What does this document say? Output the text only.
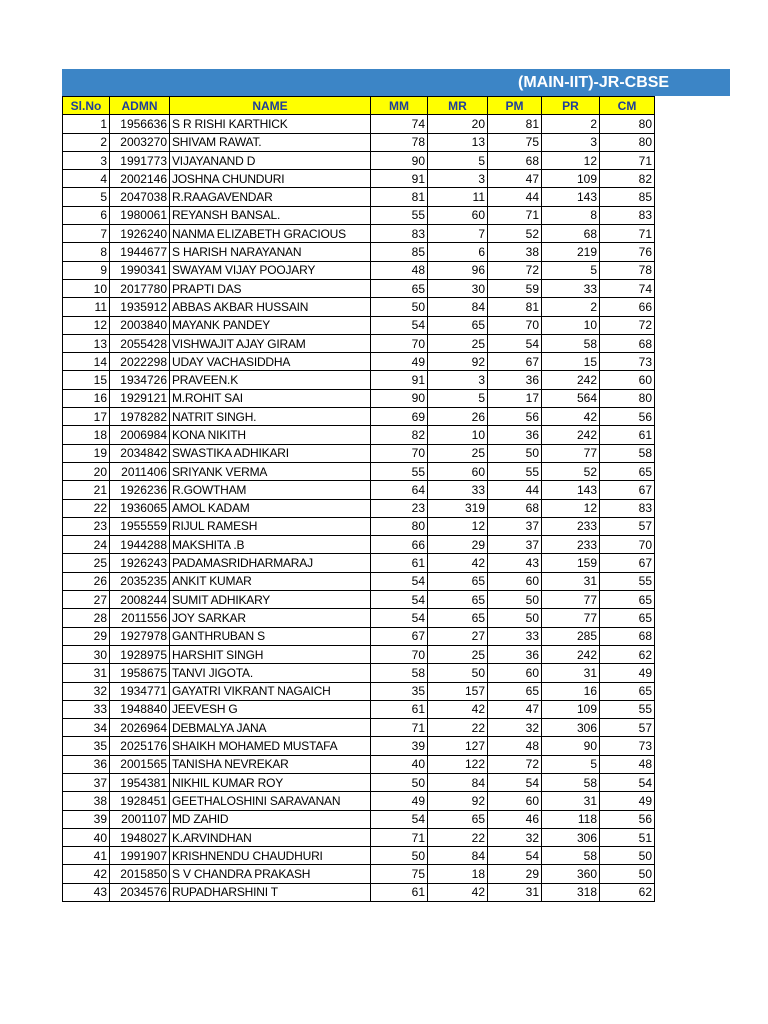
(MAIN-IIT)-JR-CBSE
Sl.No	ADMN	NAME	MM	MR	PM	PR	CM
1	1956636	S R RISHI KARTHICK	74	20	81	2	80
2	2003270	SHIVAM RAWAT.	78	13	75	3	80
3	1991773	VIJAYANAND D	90	5	68	12	71
4	2002146	JOSHNA CHUNDURI	91	3	47	109	82
5	2047038	R.RAAGAVENDAR	81	11	44	143	85
6	1980061	REYANSH BANSAL.	55	60	71	8	83
7	1926240	NANMA ELIZABETH GRACIOUS	83	7	52	68	71
8	1944677	S HARISH NARAYANAN	85	6	38	219	76
9	1990341	SWAYAM VIJAY POOJARY	48	96	72	5	78
10	2017780	PRAPTI DAS	65	30	59	33	74
11	1935912	ABBAS AKBAR HUSSAIN	50	84	81	2	66
12	2003840	MAYANK PANDEY	54	65	70	10	72
13	2055428	VISHWAJIT AJAY GIRAM	70	25	54	58	68
14	2022298	UDAY VACHASIDDHA	49	92	67	15	73
15	1934726	PRAVEEN.K	91	3	36	242	60
16	1929121	M.ROHIT SAI	90	5	17	564	80
17	1978282	NATRIT SINGH.	69	26	56	42	56
18	2006984	KONA NIKITH	82	10	36	242	61
19	2034842	SWASTIKA ADHIKARI	70	25	50	77	58
20	2011406	SRIYANK VERMA	55	60	55	52	65
21	1926236	R.GOWTHAM	64	33	44	143	67
22	1936065	AMOL KADAM	23	319	68	12	83
23	1955559	RIJUL RAMESH	80	12	37	233	57
24	1944288	MAKSHITA .B	66	29	37	233	70
25	1926243	PADAMASRIDHARMARAJ	61	42	43	159	67
26	2035235	ANKIT KUMAR	54	65	60	31	55
27	2008244	SUMIT ADHIKARY	54	65	50	77	65
28	2011556	JOY SARKAR	54	65	50	77	65
29	1927978	GANTHRUBAN S	67	27	33	285	68
30	1928975	HARSHIT SINGH	70	25	36	242	62
31	1958675	TANVI JIGOTA.	58	50	60	31	49
32	1934771	GAYATRI VIKRANT NAGAICH	35	157	65	16	65
33	1948840	JEEVESH G	61	42	47	109	55
34	2026964	DEBMALYA JANA	71	22	32	306	57
35	2025176	SHAIKH MOHAMED MUSTAFA	39	127	48	90	73
36	2001565	TANISHA NEVREKAR	40	122	72	5	48
37	1954381	NIKHIL KUMAR ROY	50	84	54	58	54
38	1928451	GEETHALOSHINI SARAVANAN	49	92	60	31	49
39	2001107	MD ZAHID	54	65	46	118	56
40	1948027	K.ARVINDHAN	71	22	32	306	51
41	1991907	KRISHNENDU CHAUDHURI	50	84	54	58	50
42	2015850	S V CHANDRA PRAKASH	75	18	29	360	50
43	2034576	RUPADHARSHINI T	61	42	31	318	62
